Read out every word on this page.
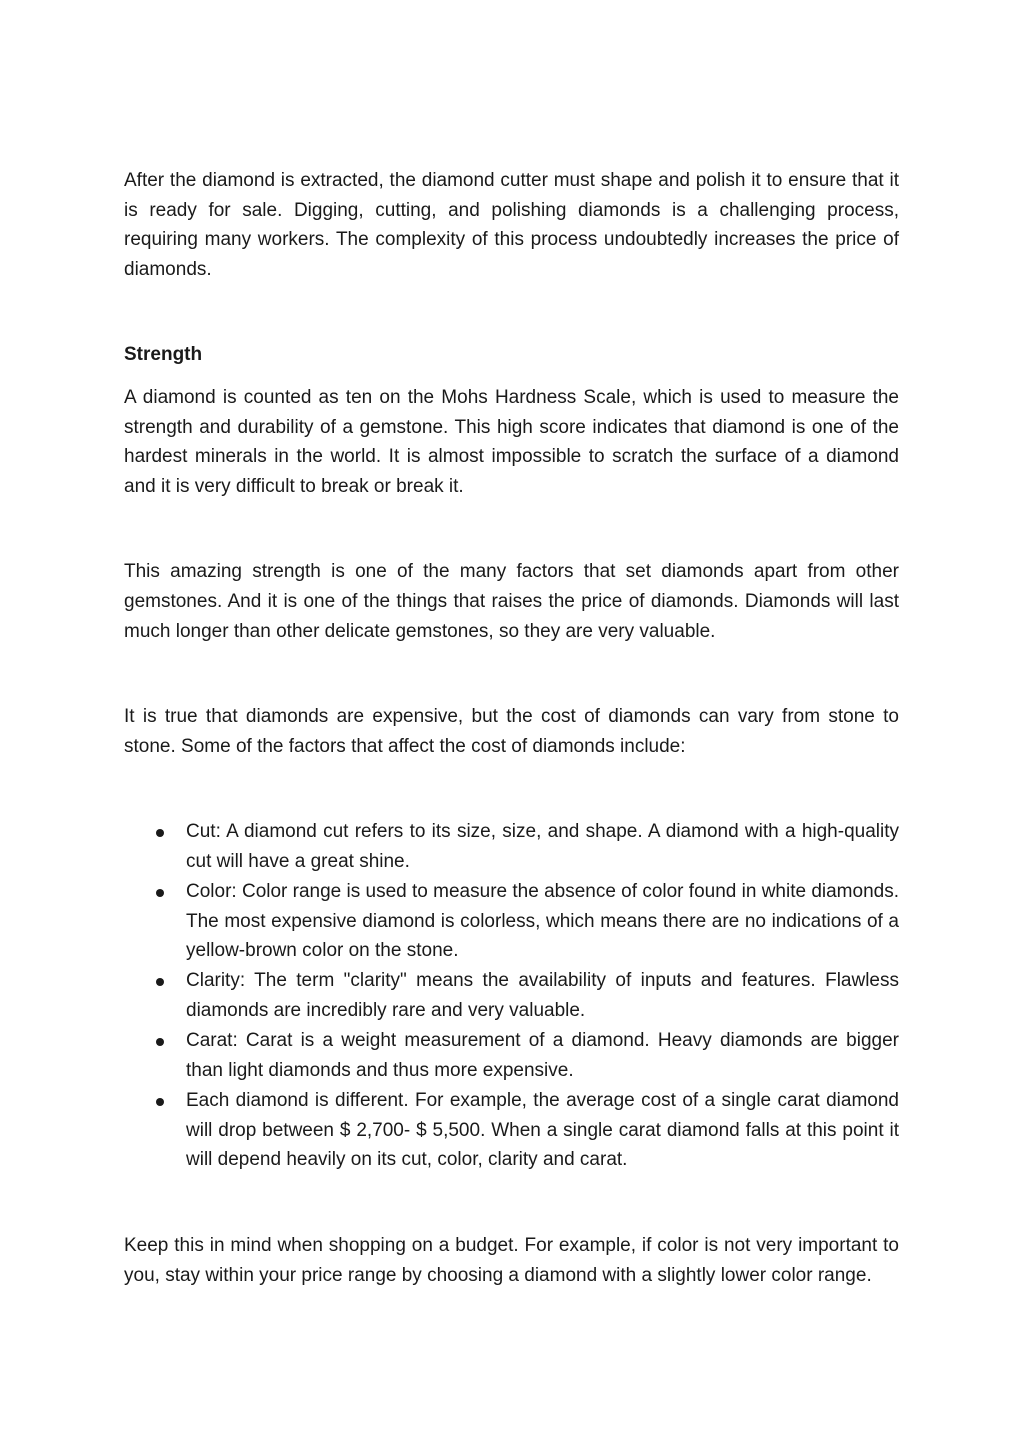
After the diamond is extracted, the diamond cutter must shape and polish it to ensure that it is ready for sale. Digging, cutting, and polishing diamonds is a challenging process, requiring many workers. The complexity of this process undoubtedly increases the price of diamonds.

Strength

A diamond is counted as ten on the Mohs Hardness Scale, which is used to measure the strength and durability of a gemstone. This high score indicates that diamond is one of the hardest minerals in the world. It is almost impossible to scratch the surface of a diamond and it is very difficult to break or break it.

This amazing strength is one of the many factors that set diamonds apart from other gemstones. And it is one of the things that raises the price of diamonds. Diamonds will last much longer than other delicate gemstones, so they are very valuable.

It is true that diamonds are expensive, but the cost of diamonds can vary from stone to stone. Some of the factors that affect the cost of diamonds include:

Cut: A diamond cut refers to its size, size, and shape. A diamond with a high-quality cut will have a great shine.
Color: Color range is used to measure the absence of color found in white diamonds. The most expensive diamond is colorless, which means there are no indications of a yellow-brown color on the stone.
Clarity: The term "clarity" means the availability of inputs and features. Flawless diamonds are incredibly rare and very valuable.
Carat: Carat is a weight measurement of a diamond. Heavy diamonds are bigger than light diamonds and thus more expensive.
Each diamond is different. For example, the average cost of a single carat diamond will drop between $ 2,700- $ 5,500. When a single carat diamond falls at this point it will depend heavily on its cut, color, clarity and carat.

Keep this in mind when shopping on a budget. For example, if color is not very important to you, stay within your price range by choosing a diamond with a slightly lower color range.
